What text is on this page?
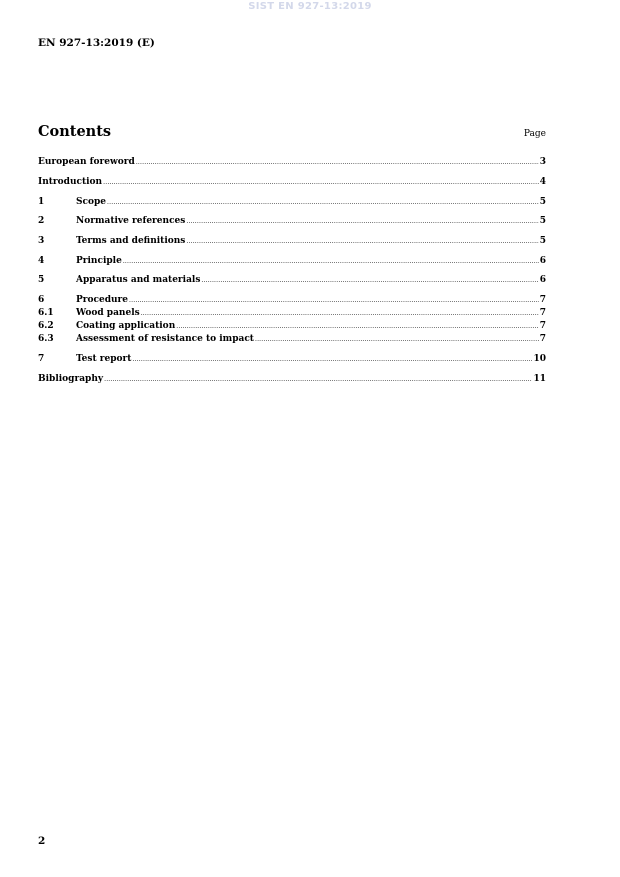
SIST EN 927-13:2019
EN 927-13:2019 (E)
Contents	Page
European foreword .....	3
Introduction .....	4
1	Scope .....	5
2	Normative references .....	5
3	Terms and definitions .....	5
4	Principle .....	6
5	Apparatus and materials .....	6
6	Procedure .....	7
6.1	Wood panels .....	7
6.2	Coating application .....	7
6.3	Assessment of resistance to impact .....	7
7	Test report .....	10
Bibliography .....	11
2
